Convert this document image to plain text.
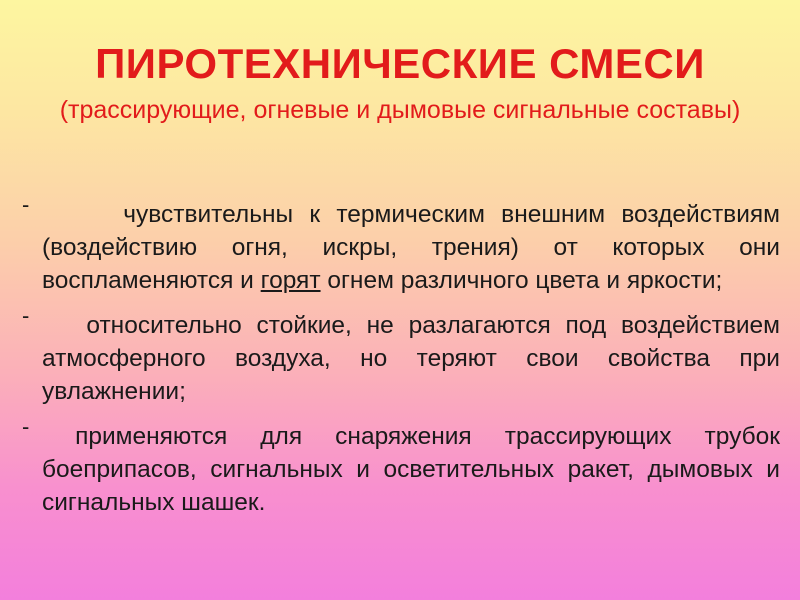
ПИРОТЕХНИЧЕСКИЕ СМЕСИ

(трассирующие, огневые и дымовые сигнальные составы)

-	чувствительны к термическим внешним воздействиям (воздействию огня, искры, трения) от которых они воспламеняются и горят огнем различного цвета и яркости;
-	относительно стойкие, не разлагаются под воздействием атмосферного воздуха, но теряют свои свойства при увлажнении;
-	применяются для снаряжения трассирующих трубок боеприпасов, сигнальных и осветительных ракет, дымовых и сигнальных шашек.
